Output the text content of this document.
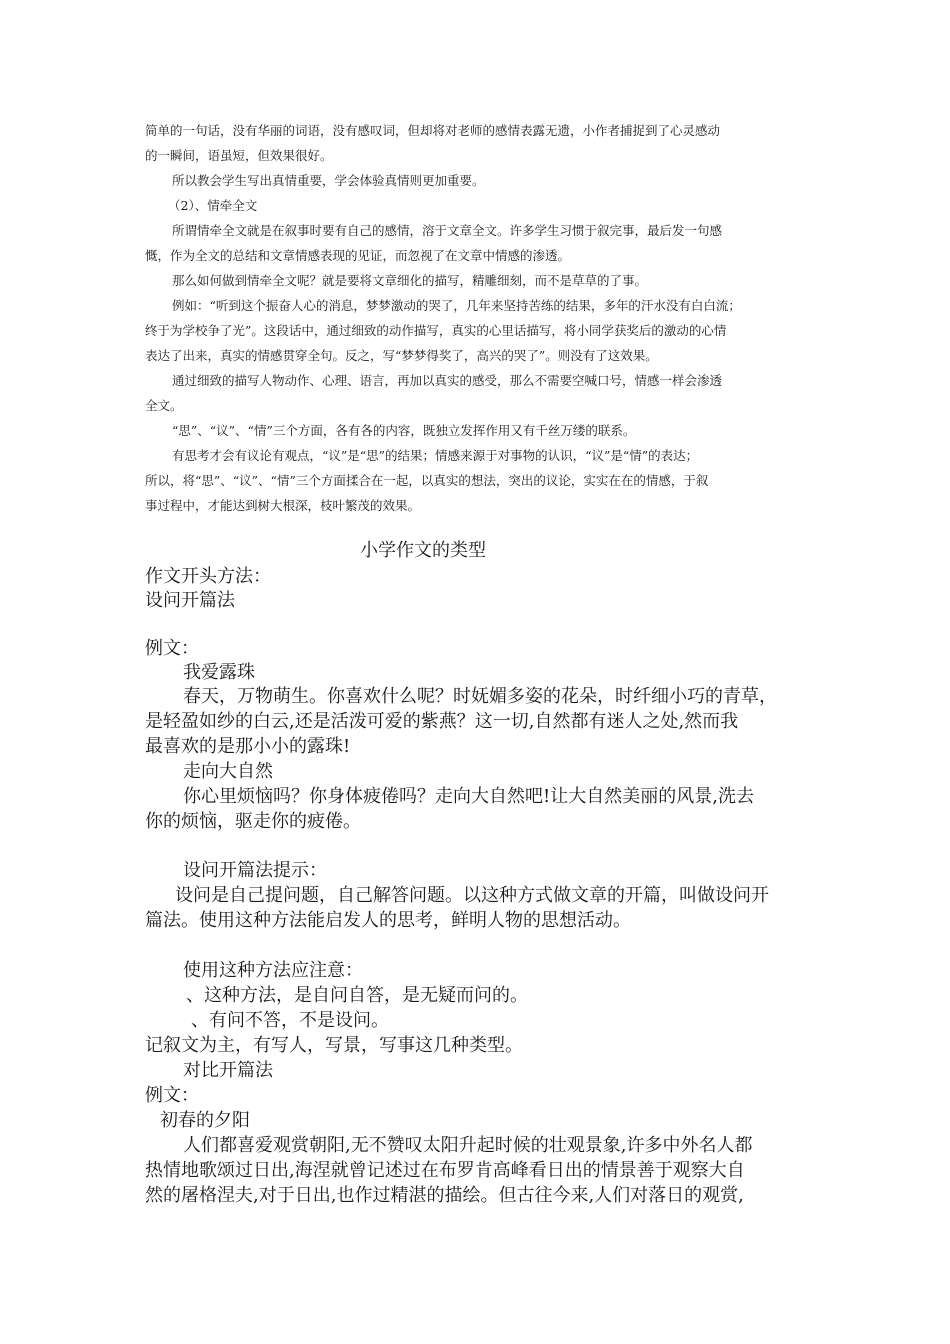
简单的一句话，没有华丽的词语，没有感叹词，但却将对老师的感情表露无遗，小作者捕捉到了心灵感动
的一瞬间，语虽短，但效果很好。
所以教会学生写出真情重要，学会体验真情则更加重要。
（2）、情牵全文
所谓情牵全文就是在叙事时要有自己的感情，溶于文章全文。许多学生习惯于叙完事，最后发一句感
慨，作为全文的总结和文章情感表现的见证，而忽视了在文章中情感的渗透。
那么如何做到情牵全文呢？就是要将文章细化的描写，精雕细刻，而不是草草的了事。
例如：“听到这个振奋人心的消息，梦梦激动的哭了，几年来坚持苦练的结果，多年的汗水没有白白流；
终于为学校争了光”。这段话中，通过细致的动作描写，真实的心里话描写，将小同学获奖后的激动的心情
表达了出来，真实的情感贯穿全句。反之，写“梦梦得奖了，高兴的哭了”。则没有了这效果。
通过细致的描写人物动作、心理、语言，再加以真实的感受，那么不需要空喊口号，情感一样会渗透
全文。
“思”、“议”、“情”三个方面，各有各的内容，既独立发挥作用又有千丝万缕的联系。
有思考才会有议论有观点，“议”是“思”的结果；情感来源于对事物的认识，“议”是“情”的表达；
所以，将“思”、“议”、“情”三个方面揉合在一起，以真实的想法，突出的议论，实实在在的情感，于叙
事过程中，才能达到树大根深，枝叶繁茂的效果。
小学作文的类型
作文开头方法：
设问开篇法
例文：
我爱露珠
春天，万物萌生。你喜欢什么呢？时妩媚多姿的花朵，时纤细小巧的青草，
是轻盈如纱的白云,还是活泼可爱的紫燕？这一切,自然都有迷人之处,然而我
最喜欢的是那小小的露珠!
走向大自然
你心里烦恼吗？你身体疲倦吗？走向大自然吧!让大自然美丽的风景,洗去
你的烦恼，驱走你的疲倦。
设问开篇法提示：
设问是自己提问题，自己解答问题。以这种方式做文章的开篇，叫做设问开
篇法。使用这种方法能启发人的思考，鲜明人物的思想活动。
使用这种方法应注意：
、这种方法，是自问自答，是无疑而问的。
、有问不答，不是设问。
记叙文为主，有写人，写景，写事这几种类型。
对比开篇法
例文：
初春的夕阳
人们都喜爱观赏朝阳,无不赞叹太阳升起时候的壮观景象,许多中外名人都
热情地歌颂过日出,海涅就曾记述过在布罗肯高峰看日出的情景善于观察大自
然的屠格涅夫,对于日出,也作过精湛的描绘。但古往今来,人们对落日的观赏,
